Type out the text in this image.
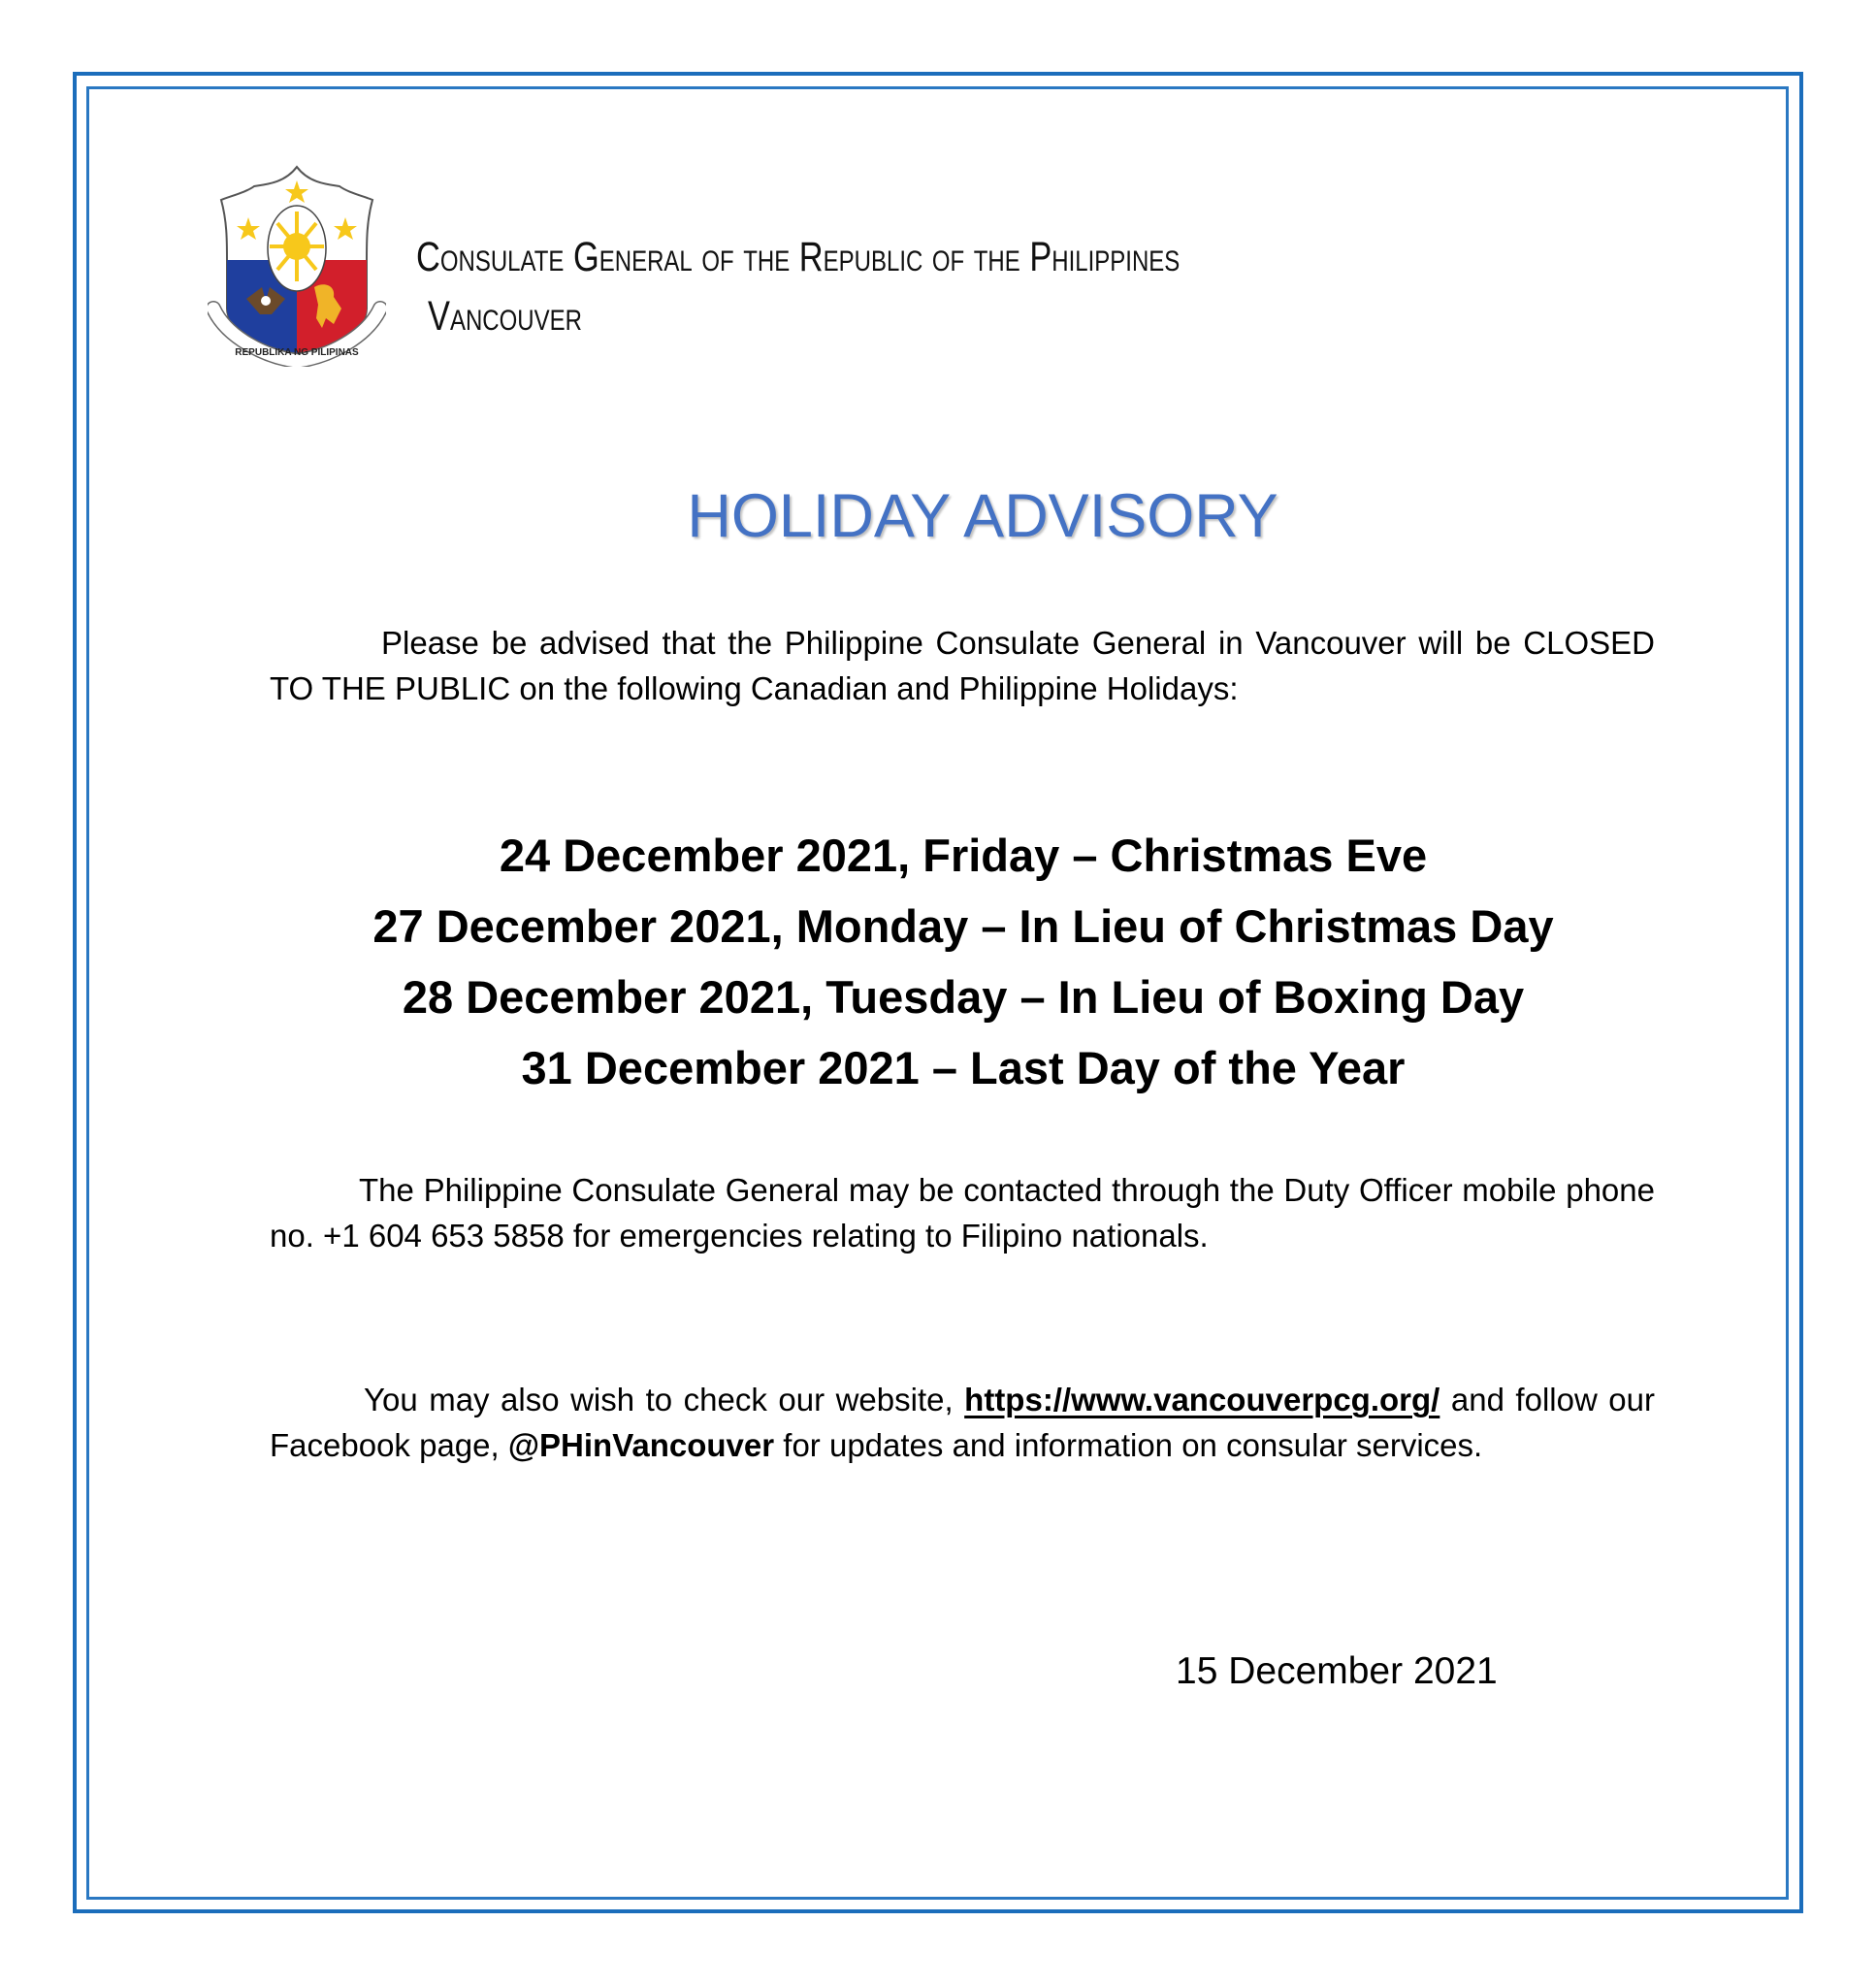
REPUBLIKA NG PILIPINAS
Consulate General of the Republic of the Philippines
Vancouver
HOLIDAY ADVISORY

Please be advised that the Philippine Consulate General in Vancouver will be CLOSED TO THE PUBLIC on the following Canadian and Philippine Holidays:

24 December 2021, Friday – Christmas Eve
27 December 2021, Monday – In Lieu of Christmas Day
28 December 2021, Tuesday – In Lieu of Boxing Day
31 December 2021 – Last Day of the Year

The Philippine Consulate General may be contacted through the Duty Officer mobile phone no. +1 604 653 5858 for emergencies relating to Filipino nationals.

You may also wish to check our website, https://www.vancouverpcg.org/ and follow our Facebook page, @PHinVancouver for updates and information on consular services.

15 December 2021
